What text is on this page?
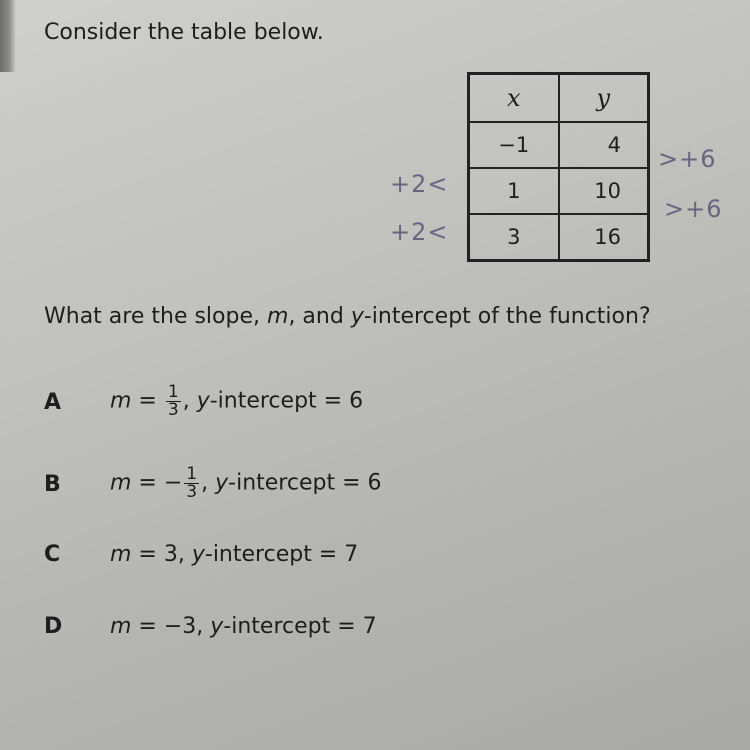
Consider the table below.

x	y
−1	4
1	10
3	16
+2<
+2<
>+6
>+6

What are the slope, m, and y-intercept of the function?

A $m = \frac{1}{3}$ , y-intercept = 6
B m = − $\frac{1}{3}$ , y-intercept = 6
C m = 3, y-intercept = 7
D m = −3, y-intercept = 7
